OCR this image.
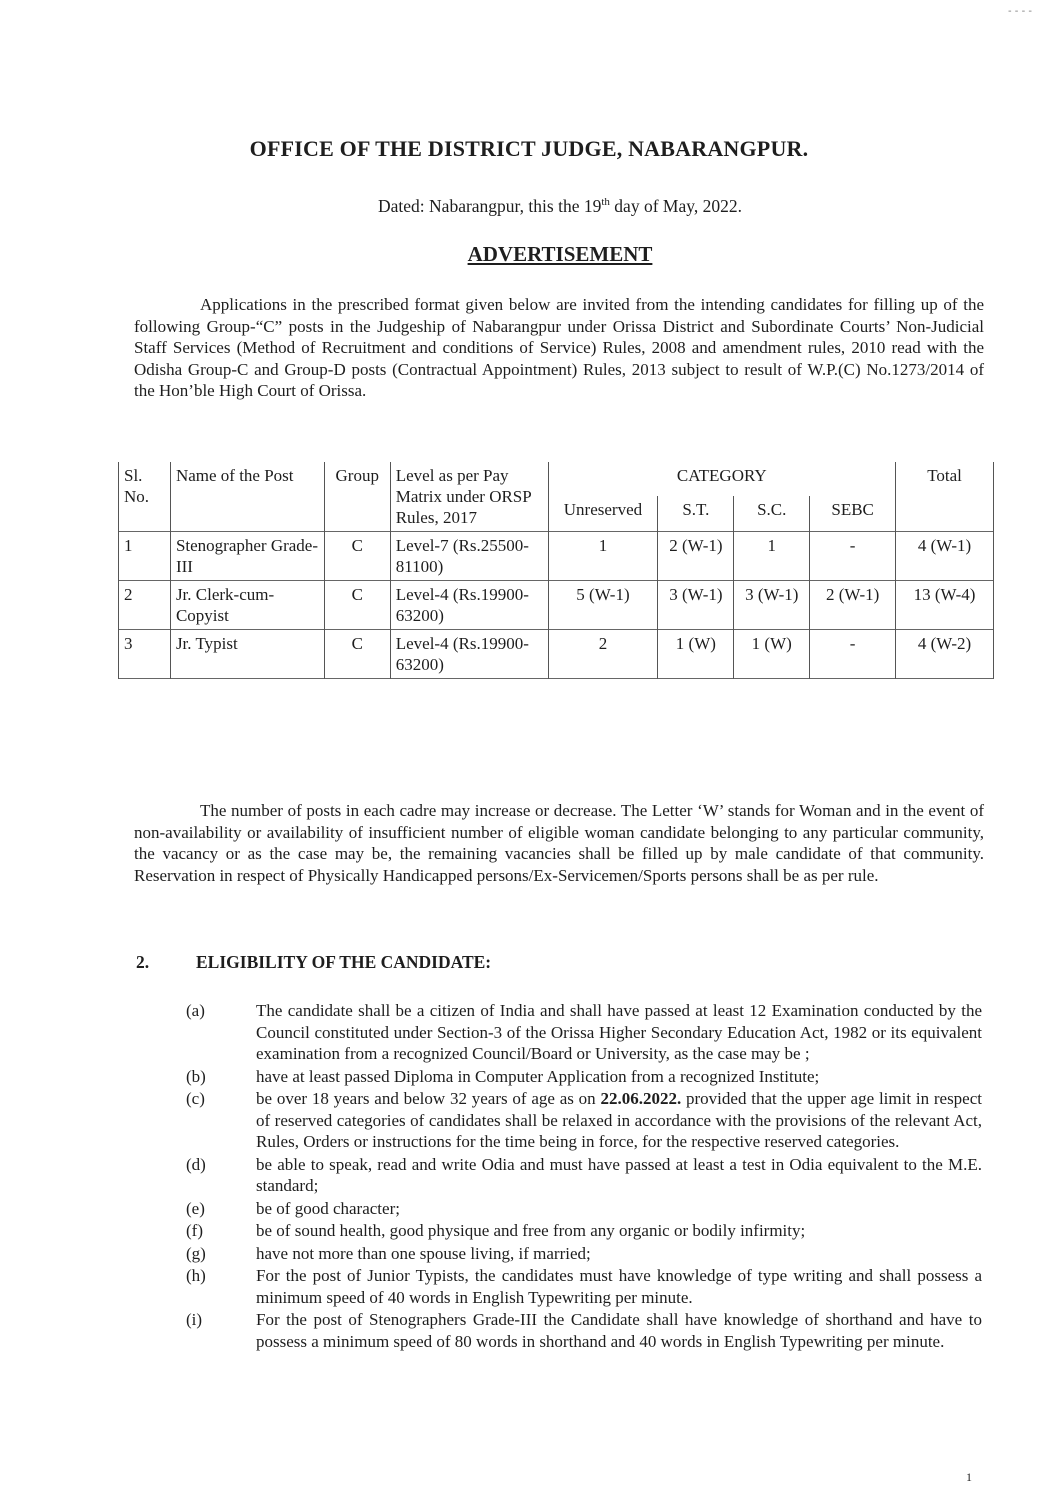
- - - -
OFFICE OF THE DISTRICT JUDGE, NABARANGPUR.
Dated: Nabarangpur, this the 19th day of May, 2022.
ADVERTISEMENT
Applications in the prescribed format given below are invited from the intending candidates for filling up of the following Group-“C” posts in the Judgeship of Nabarangpur under Orissa District and Subordinate Courts’ Non-Judicial Staff Services (Method of Recruitment and conditions of Service) Rules, 2008 and amendment rules, 2010 read with the Odisha Group-C and Group-D posts (Contractual Appointment) Rules, 2013 subject to result of W.P.(C) No.1273/2014 of the Hon’ble High Court of Orissa.
Sl. No.	Name of the Post	Group	Level as per Pay Matrix under ORSP Rules, 2017	CATEGORY				Total
				Unreserved	S.T.	S.C.	SEBC	
1	Stenographer Grade-III	C	Level-7 (Rs.25500-81100)	1	2 (W-1)	1	-	4 (W-1)
2	Jr. Clerk-cum-Copyist	C	Level-4 (Rs.19900-63200)	5 (W-1)	3 (W-1)	3 (W-1)	2 (W-1)	13 (W-4)
3	Jr. Typist	C	Level-4 (Rs.19900-63200)	2	1 (W)	1 (W)	-	4 (W-2)
The number of posts in each cadre may increase or decrease. The Letter ‘W’ stands for Woman and in the event of non-availability or availability of insufficient number of eligible woman candidate belonging to any particular community, the vacancy or as the case may be, the remaining vacancies shall be filled up by male candidate of that community. Reservation in respect of Physically Handicapped persons/Ex-Servicemen/Sports persons shall be as per rule.
2.	ELIGIBILITY OF THE CANDIDATE:
(a)	The candidate shall be a citizen of India and shall have passed at least 12 Examination conducted by the Council constituted under Section-3 of the Orissa Higher Secondary Education Act, 1982 or its equivalent examination from a recognized Council/Board or University, as the case may be ;
(b)	have at least passed Diploma in Computer Application from a recognized Institute;
(c)	be over 18 years and below 32 years of age as on 22.06.2022. provided that the upper age limit in respect of reserved categories of candidates shall be relaxed in accordance with the provisions of the relevant Act, Rules, Orders or instructions for the time being in force, for the respective reserved categories.
(d)	be able to speak, read and write Odia and must have passed at least a test in Odia equivalent to the M.E. standard;
(e)	be of good character;
(f)	be of sound health, good physique and free from any organic or bodily infirmity;
(g)	have not more than one spouse living, if married;
(h)	For the post of Junior Typists, the candidates must have knowledge of type writing and shall possess a minimum speed of 40 words in English Typewriting per minute.
(i)	For the post of Stenographers Grade-III the Candidate shall have knowledge of shorthand and have to possess a minimum speed of 80 words in shorthand and 40 words in English Typewriting per minute.
1
